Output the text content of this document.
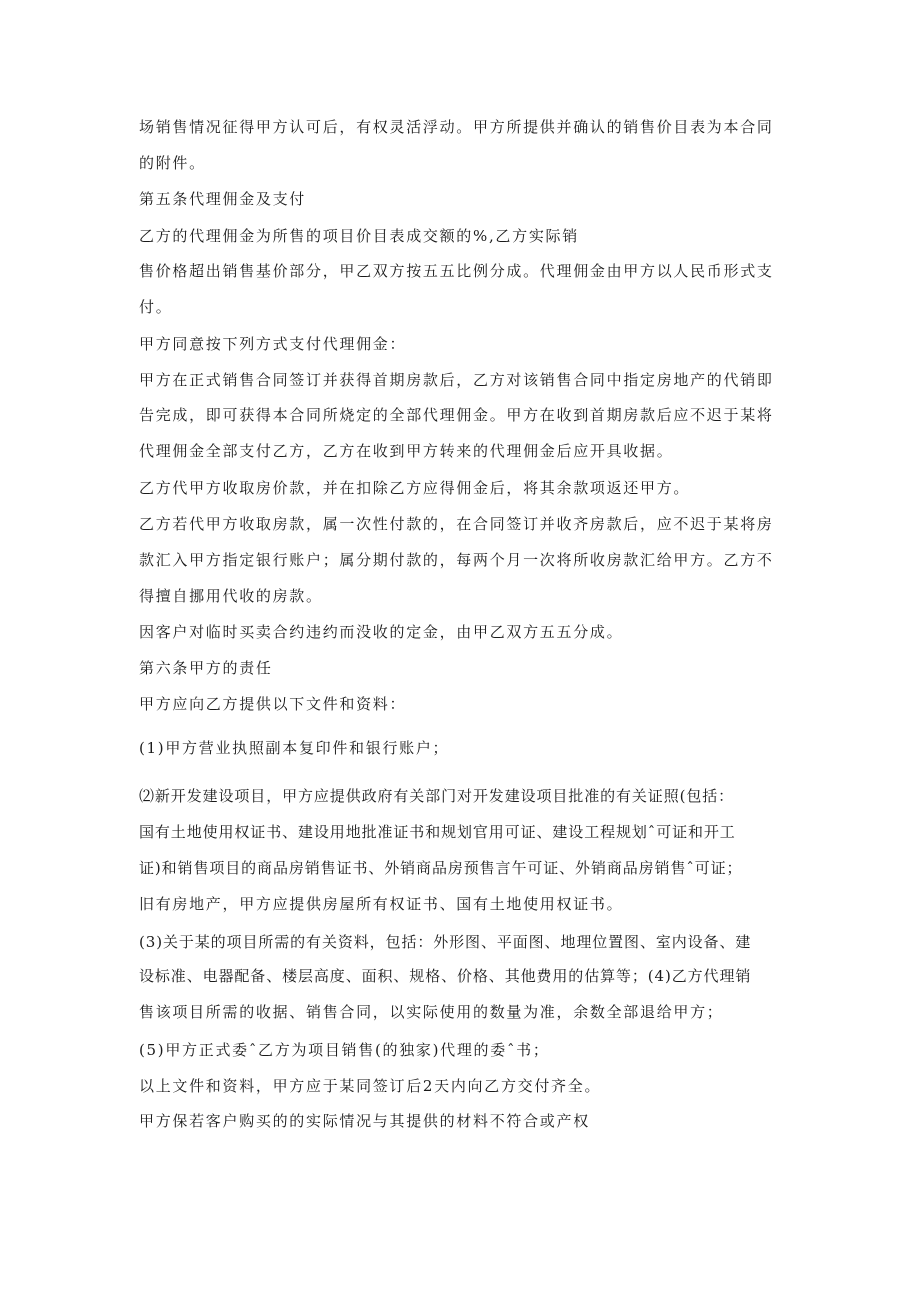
场销售情况征得甲方认可后，有权灵活浮动。甲方所提供并确认的销售价目表为本合同
的附件。
第五条代理佣金及支付
乙方的代理佣金为所售的项目价目表成交额的%,乙方实际销
售价格超出销售基价部分，甲乙双方按五五比例分成。代理佣金由甲方以人民币形式支
付。
甲方同意按下列方式支付代理佣金：
甲方在正式销售合同签订并获得首期房款后，乙方对该销售合同中指定房地产的代销即
告完成，即可获得本合同所烧定的全部代理佣金。甲方在收到首期房款后应不迟于某将
代理佣金全部支付乙方，乙方在收到甲方转来的代理佣金后应开具收据。
乙方代甲方收取房价款，并在扣除乙方应得佣金后，将其余款项返还甲方。
乙方若代甲方收取房款，属一次性付款的，在合同签订并收齐房款后，应不迟于某将房
款汇入甲方指定银行账户；属分期付款的，每两个月一次将所收房款汇给甲方。乙方不
得擅自挪用代收的房款。
因客户对临时买卖合约违约而没收的定金，由甲乙双方五五分成。
第六条甲方的责任
甲方应向乙方提供以下文件和资料：
(1)甲方营业执照副本复印件和银行账户；
⑵新开发建设项目，甲方应提供政府有关部门对开发建设项目批准的有关证照(包括：
国有土地使用权证书、建设用地批准证书和规划官用可证、建设工程规划ˆ可证和开工
证)和销售项目的商品房销售证书、外销商品房预售言午可证、外销商品房销售ˆ可证；
旧有房地产，甲方应提供房屋所有权证书、国有土地使用权证书。
(3)关于某的项目所需的有关资料，包括：外形图、平面图、地理位置图、室内设备、建
设标准、电器配备、楼层高度、面积、规格、价格、其他费用的估算等；(4)乙方代理销
售该项目所需的收据、销售合同，以实际使用的数量为准，余数全部退给甲方；
(5)甲方正式委ˆ乙方为项目销售(的独家)代理的委ˆ书；
以上文件和资料，甲方应于某同签订后2天内向乙方交付齐全。
甲方保若客户购买的的实际情况与其提供的材料不符合或产权
